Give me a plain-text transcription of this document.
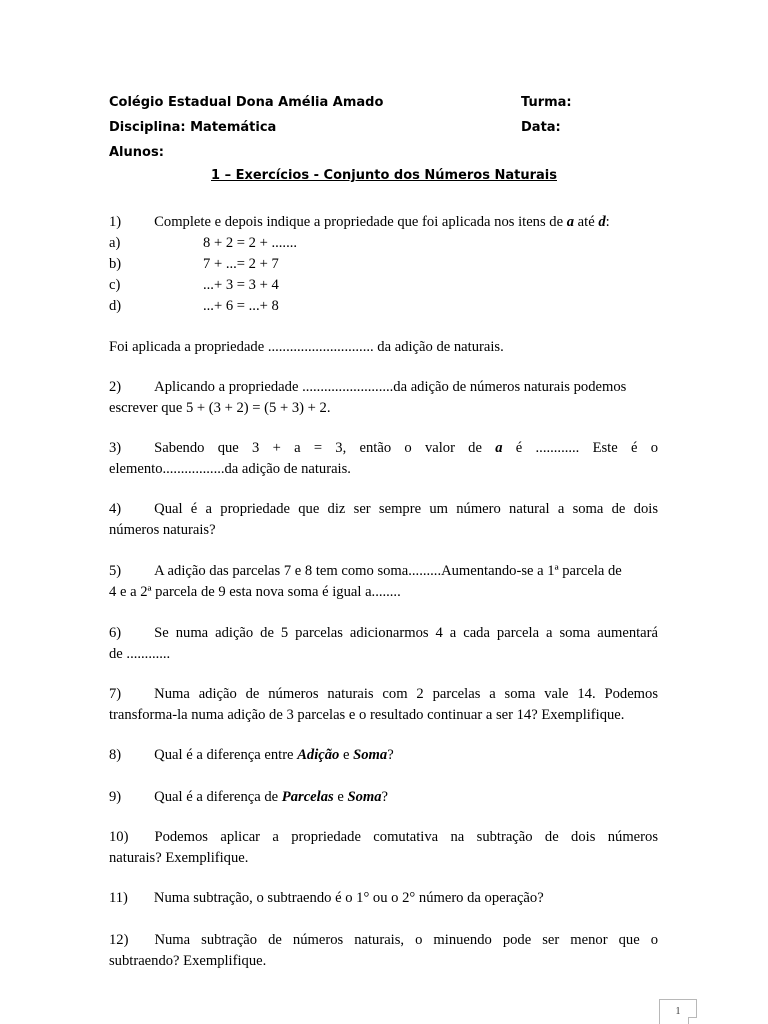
Colégio Estadual Dona Amélia Amado	Turma:
Disciplina: Matemática	Data:
Alunos:
1 – Exercícios - Conjunto dos Números Naturais
1) Complete e depois indique a propriedade que foi aplicada nos itens de a até d:
a)	8 + 2 = 2 + .......
b)	7 + ...= 2 + 7
c)	...+ 3 = 3 + 4
d)	...+ 6 = ...+ 8
Foi aplicada a propriedade ............................. da adição de naturais.
2) Aplicando a propriedade .........................da adição de números naturais podemos
escrever que 5 + (3 + 2) = (5 + 3) + 2.
3) Sabendo que 3 + a = 3, então o valor de a é ............ Este é o
elemento.................da adição de naturais.
4) Qual é a propriedade que diz ser sempre um número natural a soma de dois
números naturais?
5) A adição das parcelas 7 e 8 tem como soma.........Aumentando-se a 1ª parcela de
4 e a 2ª parcela de 9 esta nova soma é igual a........
6) Se numa adição de 5 parcelas adicionarmos 4 a cada parcela a soma aumentará
de ............
7) Numa adição de números naturais com 2 parcelas a soma vale 14. Podemos
transforma-la numa adição de 3 parcelas e o resultado continuar a ser 14? Exemplifique.
8) Qual é a diferença entre Adição e Soma?
9) Qual é a diferença de Parcelas e Soma?
10) Podemos aplicar a propriedade comutativa na subtração de dois números
naturais? Exemplifique.
11) Numa subtração, o subtraendo é o 1° ou o 2° número da operação?
12) Numa subtração de números naturais, o minuendo pode ser menor que o
subtraendo? Exemplifique.
1
